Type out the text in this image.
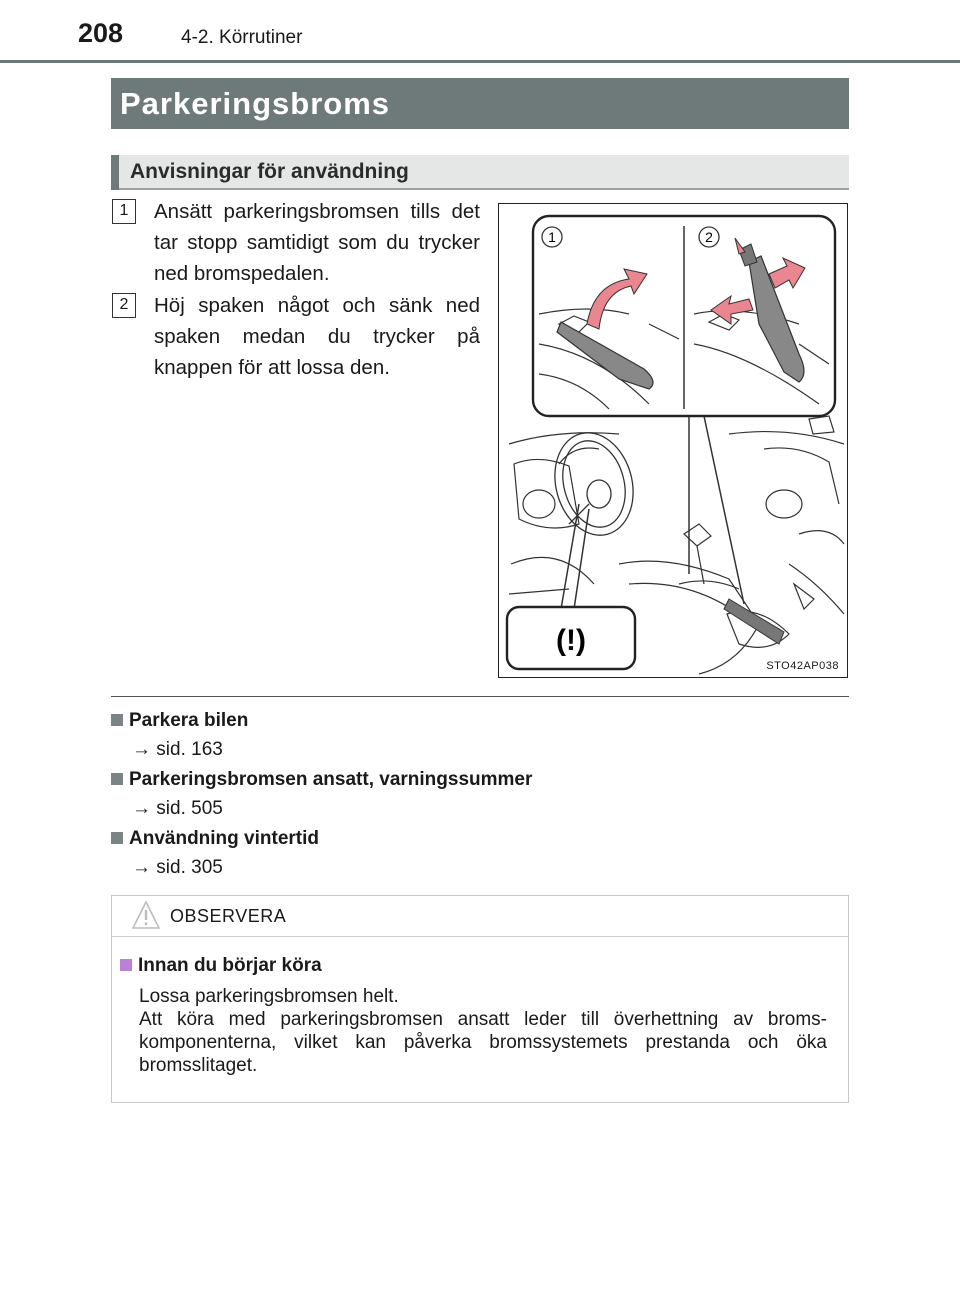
208	4-2. Körrutiner
Parkeringsbroms
Anvisningar för användning
1	Ansätt parkeringsbromsen tills det tar stopp samtidigt som du trycker ned bromspedalen.
2	Höj spaken något och sänk ned spaken medan du trycker på knappen för att lossa den.
1	2
(!)
STO42AP038
Parkera bilen
→ sid. 163
Parkeringsbromsen ansatt, varningssummer
→ sid. 505
Användning vintertid
→ sid. 305
OBSERVERA
Innan du börjar köra
Lossa parkeringsbromsen helt.
Att köra med parkeringsbromsen ansatt leder till överhettning av broms-
komponenterna, vilket kan påverka bromssystemets prestanda och öka
bromsslitaget.
